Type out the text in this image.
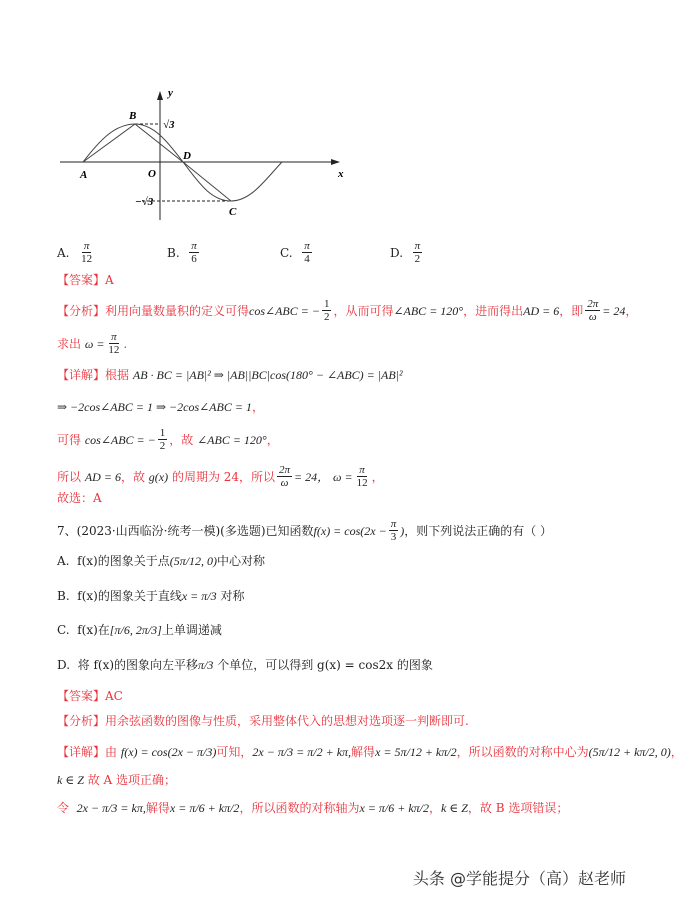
y
x
B
A	O
D
C
√3
−√3
A.
$\frac{\pi}{12}$	B.
$\frac{\pi}{6}$	C.
$\frac{\pi}{4}$	D.
$\frac{\pi}{2}$
【答案】 A
【分析】 利用向量数量积的定义可得 cos∠ABC = − $\frac{1}{2}$ ，从而可得 ∠ABC = 120° ，进而得出 AD = 6 ，即 $\frac{2\pi}{\omega} = 24$ ，
求出
$\omega = \frac{\pi}{12}$ .
【详解】 根据
AB · BC = |AB|² ⇒ |AB||BC|cos(180° − ∠ABC) = |AB|²
⇒ −2cos∠ABC = 1 ⇒ −2cos∠ABC = 1 ，
可得
cos∠ABC = − $\frac{1}{2}$ ，故
∠ABC = 120° ，
所以
AD = 6 ，故
g(x)
的周期为 24，所以 $\frac{2\pi}{\omega} = 24$，
$\omega = \frac{\pi}{12}$ ，
故选：A
7、(2023·山西临汾·统考一模)(多选题)已知函数 $f(x) = \cos(2x - \frac{\pi}{3}$ ) ，则下列说法正确的有（ ）
A.
f(x)的图象关于点 (5π/12, 0) 中心对称
B.
f(x)的图象关于直线 x = π/3
对称
C.
f(x)在 [π/6, 2π/3] 上单调递减
D.
将 f(x)的图象向左平移 π/3
个单位，可以得到 g(x) = cos2x 的图象
【答案】 AC
【分析】 用余弦函数的图像与性质，采用整体代入的思想对选项逐一判断即可.
【详解】 由
f(x) = cos(2x − π/3) 可知， 2x − π/3 = π/2 + kπ, 解得 x = 5π/12 + kπ/2 ，所以函数的对称中心为 (5π/12 + kπ/2, 0) ，
k ∈ Z
故 A 选项正确；
令
2x − π/3 = kπ, 解得 x = π/6 + kπ/2 ，所以函数的对称轴为 x = π/6 + kπ/2 ， k ∈ Z ，故 B 选项错误；
头条 @学能提分（高）赵老师
